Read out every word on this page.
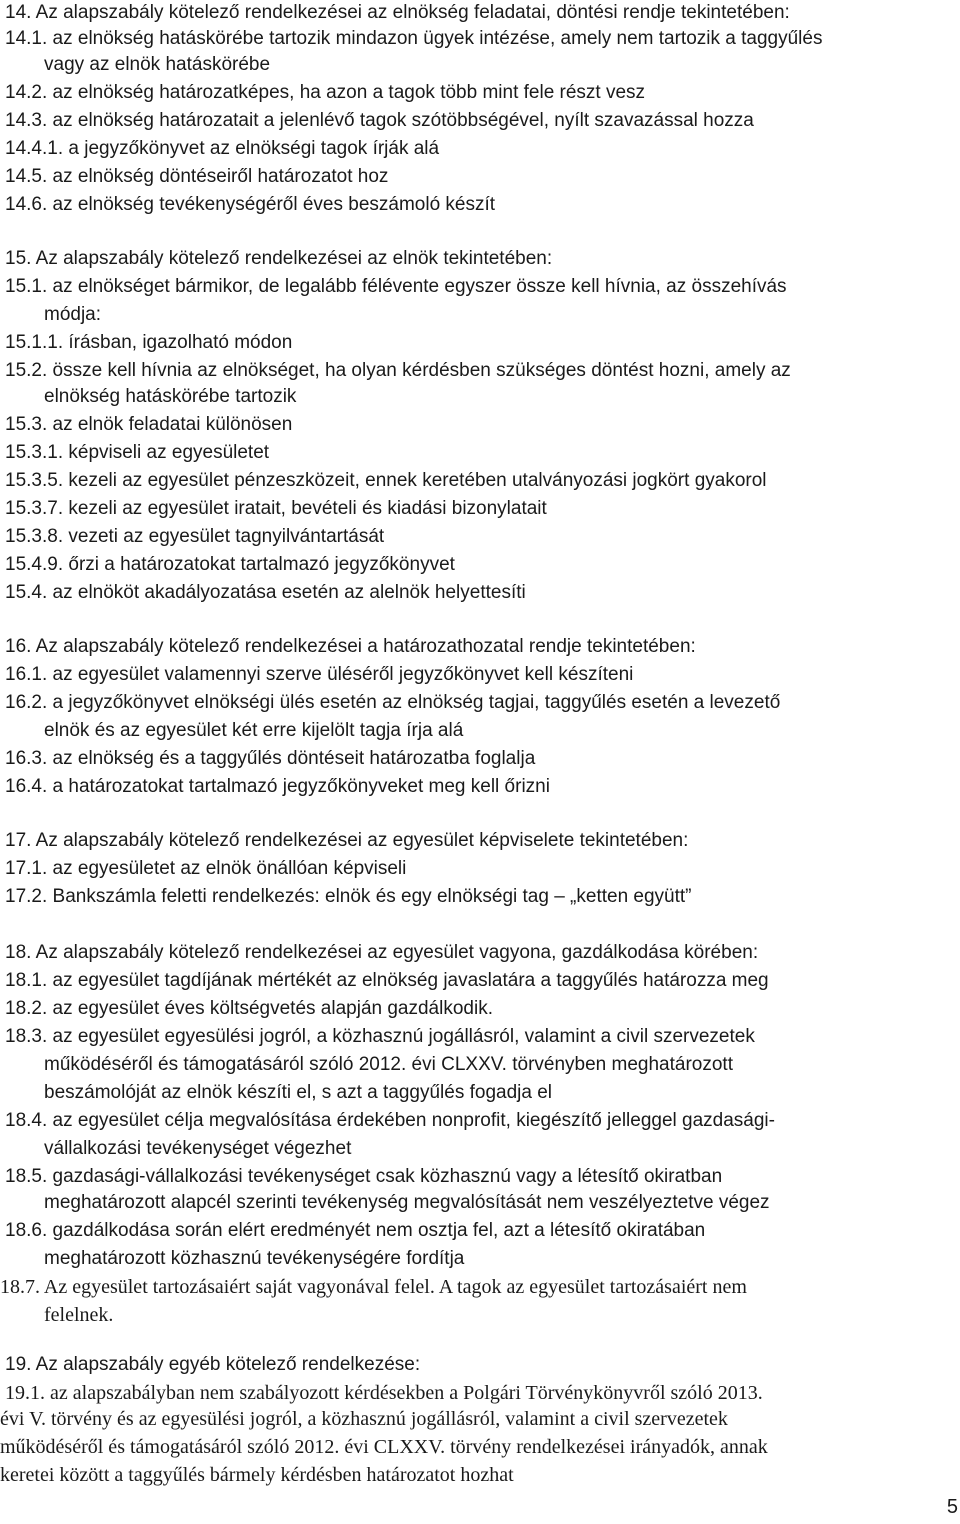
14. Az alapszabály kötelező rendelkezései az elnökség feladatai, döntési rendje tekintetében:
14.1. az elnökség hatáskörébe tartozik mindazon ügyek intézése, amely nem tartozik a taggyűlés
vagy az elnök hatáskörébe
14.2. az elnökség határozatképes, ha azon a tagok több mint fele részt vesz
14.3. az elnökség határozatait a jelenlévő tagok szótöbbségével, nyílt szavazással hozza
14.4.1. a jegyzőkönyvet az elnökségi tagok írják alá
14.5. az elnökség döntéseiről határozatot hoz
14.6. az elnökség tevékenységéről éves beszámoló készít
15. Az alapszabály kötelező rendelkezései az elnök tekintetében:
15.1. az elnökséget bármikor, de legalább félévente egyszer össze kell hívnia, az összehívás
módja:
15.1.1. írásban, igazolható módon
15.2. össze kell hívnia az elnökséget, ha olyan kérdésben szükséges döntést hozni, amely az
elnökség hatáskörébe tartozik
15.3. az elnök feladatai különösen
15.3.1. képviseli az egyesületet
15.3.5. kezeli az egyesület pénzeszközeit, ennek keretében utalványozási jogkört gyakorol
15.3.7. kezeli az egyesület iratait, bevételi és kiadási bizonylatait
15.3.8. vezeti az egyesület tagnyilvántartását
15.4.9. őrzi a határozatokat tartalmazó jegyzőkönyvet
15.4. az elnököt akadályozatása esetén az alelnök helyettesíti
16. Az alapszabály kötelező rendelkezései a határozathozatal rendje tekintetében:
16.1. az egyesület valamennyi szerve üléséről jegyzőkönyvet kell készíteni
16.2. a jegyzőkönyvet elnökségi ülés esetén az elnökség tagjai, taggyűlés esetén a levezető
elnök és az egyesület két erre kijelölt tagja írja alá
16.3. az elnökség és a taggyűlés döntéseit határozatba foglalja
16.4. a határozatokat tartalmazó jegyzőkönyveket meg kell őrizni
17. Az alapszabály kötelező rendelkezései az egyesület képviselete tekintetében:
17.1. az egyesületet az elnök önállóan képviseli
17.2. Bankszámla feletti rendelkezés: elnök és egy elnökségi tag – „ketten együtt”
18. Az alapszabály kötelező rendelkezései az egyesület vagyona, gazdálkodása körében:
18.1. az egyesület tagdíjának mértékét az elnökség javaslatára a taggyűlés határozza meg
18.2. az egyesület éves költségvetés alapján gazdálkodik.
18.3. az egyesület egyesülési jogról, a közhasznú jogállásról, valamint a civil szervezetek
működéséről és támogatásáról szóló 2012. évi CLXXV. törvényben meghatározott
beszámolóját az elnök készíti el, s azt a taggyűlés fogadja el
18.4. az egyesület célja megvalósítása érdekében nonprofit, kiegészítő jelleggel gazdasági-
vállalkozási tevékenységet végezhet
18.5. gazdasági-vállalkozási tevékenységet csak közhasznú vagy a létesítő okiratban
meghatározott alapcél szerinti tevékenység megvalósítását nem veszélyeztetve végez
18.6. gazdálkodása során elért eredményét nem osztja fel, azt a létesítő okiratában
meghatározott közhasznú tevékenységére fordítja
18.7. Az egyesület tartozásaiért saját vagyonával felel. A tagok az egyesület tartozásaiért nem
felelnek.
19. Az alapszabály egyéb kötelező rendelkezése:
19.1. az alapszabályban nem szabályozott kérdésekben a Polgári Törvénykönyvről szóló 2013.
évi V. törvény és az egyesülési jogról, a közhasznú jogállásról, valamint a civil szervezetek
működéséről és támogatásáról szóló 2012. évi CLXXV. törvény rendelkezései irányadók, annak
keretei között a taggyűlés bármely kérdésben határozatot hozhat
5
